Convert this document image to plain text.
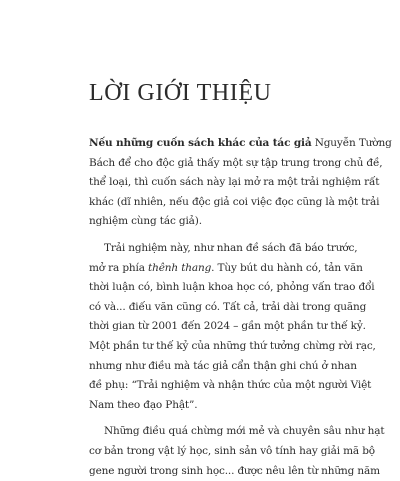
LỜI GIỚI THIỆU
Nếu những cuốn sách khác của tác giả Nguyễn Tường
Bách để cho độc giả thấy một sự tập trung trong chủ đề,
thể loại, thì cuốn sách này lại mở ra một trải nghiệm rất
khác (dĩ nhiên, nếu độc giả coi việc đọc cũng là một trải
nghiệm cùng tác giả).
Trải nghiệm này, như nhan đề sách đã báo trước,
mở ra phía thênh thang. Tùy bút du hành có, tản văn
thời luận có, bình luận khoa học có, phỏng vấn trao đổi
có và... điếu văn cũng có. Tất cả, trải dài trong quãng
thời gian từ 2001 đến 2024 – gần một phần tư thế kỷ.
Một phần tư thế kỷ của những thứ tưởng chừng rời rạc,
nhưng như điều mà tác giả cẩn thận ghi chú ở nhan
đề phụ: “Trải nghiệm và nhận thức của một người Việt
Nam theo đạo Phật”.
Những điều quá chừng mới mẻ và chuyên sâu như hạt
cơ bản trong vật lý học, sinh sản vô tính hay giải mã bộ
gene người trong sinh học... được nêu lên từ những năm
